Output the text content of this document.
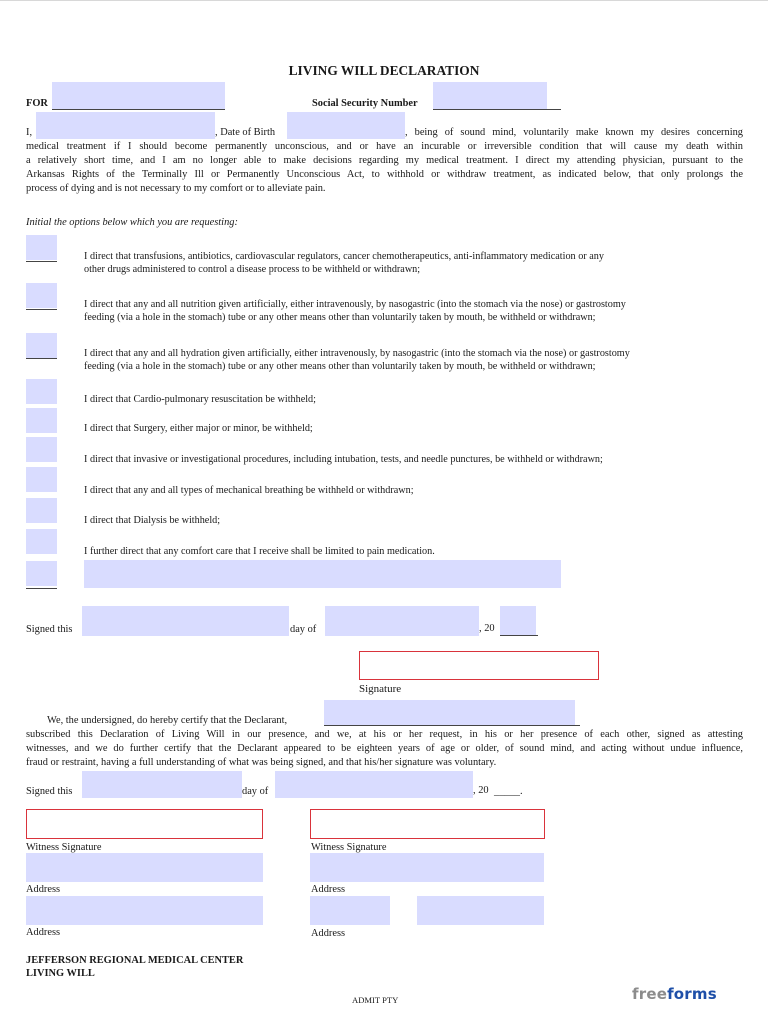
LIVING WILL DECLARATION
FOR	Social Security Number
I,	, Date of Birth	, being of sound mind, voluntarily make known my desires concerning
medical treatment if I should become permanently unconscious, and or have an incurable or irreversible condition that will cause my death within
a relatively short time, and I am no longer able to make decisions regarding my medical treatment. I direct my attending physician, pursuant to the
Arkansas Rights of the Terminally Ill or Permanently Unconscious Act, to withhold or withdraw treatment, as indicated below, that only prolongs the
process of dying and is not necessary to my comfort or to alleviate pain.
Initial the options below which you are requesting:
I direct that transfusions, antibiotics, cardiovascular regulators, cancer chemotherapeutics, anti-inflammatory medication or any
other drugs administered to control a disease process to be withheld or withdrawn;
I direct that any and all nutrition given artificially, either intravenously, by nasogastric (into the stomach via the nose) or gastrostomy
feeding (via a hole in the stomach) tube or any other means other than voluntarily taken by mouth, be withheld or withdrawn;
I direct that any and all hydration given artificially, either intravenously, by nasogastric (into the stomach via the nose) or gastrostomy
feeding (via a hole in the stomach) tube or any other means other than voluntarily taken by mouth, be withheld or withdrawn;
I direct that Cardio-pulmonary resuscitation be withheld;
I direct that Surgery, either major or minor, be withheld;
I direct that invasive or investigational procedures, including intubation, tests, and needle punctures, be withheld or withdrawn;
I direct that any and all types of mechanical breathing be withheld or withdrawn;
I direct that Dialysis be withheld;
I further direct that any comfort care that I receive shall be limited to pain medication.
Signed this	day of	, 20
Signature
We, the undersigned, do hereby certify that the Declarant,
subscribed this Declaration of Living Will in our presence, and we, at his or her request, in his or her presence of each other, signed as attesting
witnesses, and we do further certify that the Declarant appeared to be eighteen years of age or older, of sound mind, and acting without undue influence,
fraud or restraint, having a full understanding of what was being signed, and that his/her signature was voluntary.
Signed this	day of	, 20 _____.
Witness Signature	Witness Signature
Address	Address
Address	Address
JEFFERSON REGIONAL MEDICAL CENTER
LIVING WILL
ADMIT PTY	freeforms
